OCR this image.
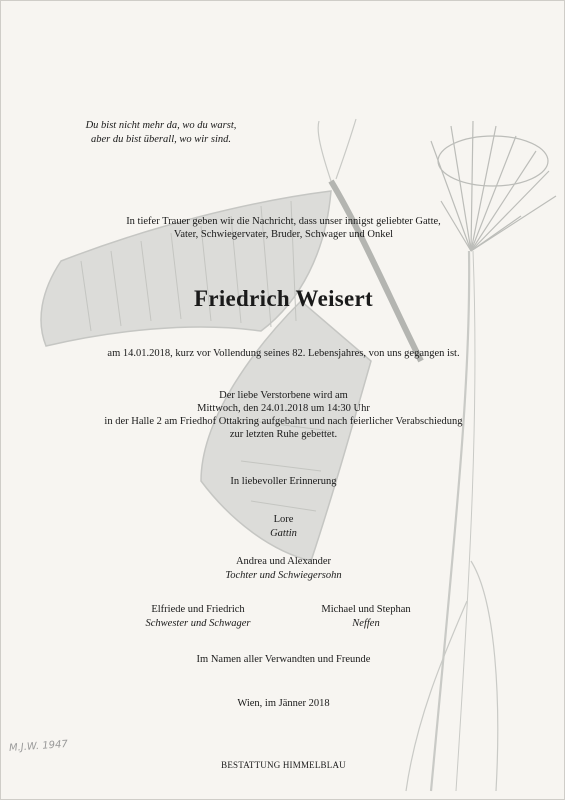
Du bist nicht mehr da, wo du warst,
aber du bist überall, wo wir sind.
In tiefer Trauer geben wir die Nachricht, dass unser innigst geliebter Gatte,
Vater, Schwiegervater, Bruder, Schwager und Onkel
Friedrich Weisert
am 14.01.2018, kurz vor Vollendung seines 82. Lebensjahres, von uns gegangen ist.
Der liebe Verstorbene wird am
Mittwoch, den 24.01.2018 um 14:30 Uhr
in der Halle 2 am Friedhof Ottakring aufgebahrt und nach feierlicher Verabschiedung
zur letzten Ruhe gebettet.
In liebevoller Erinnerung
Lore
Gattin
Andrea und Alexander
Tochter und Schwiegersohn
Elfriede und Friedrich
Schwester und Schwager
Michael und Stephan
Neffen
Im Namen aller Verwandten und Freunde
Wien, im Jänner 2018
BESTATTUNG HIMMELBLAU
M.J.W. 1947
